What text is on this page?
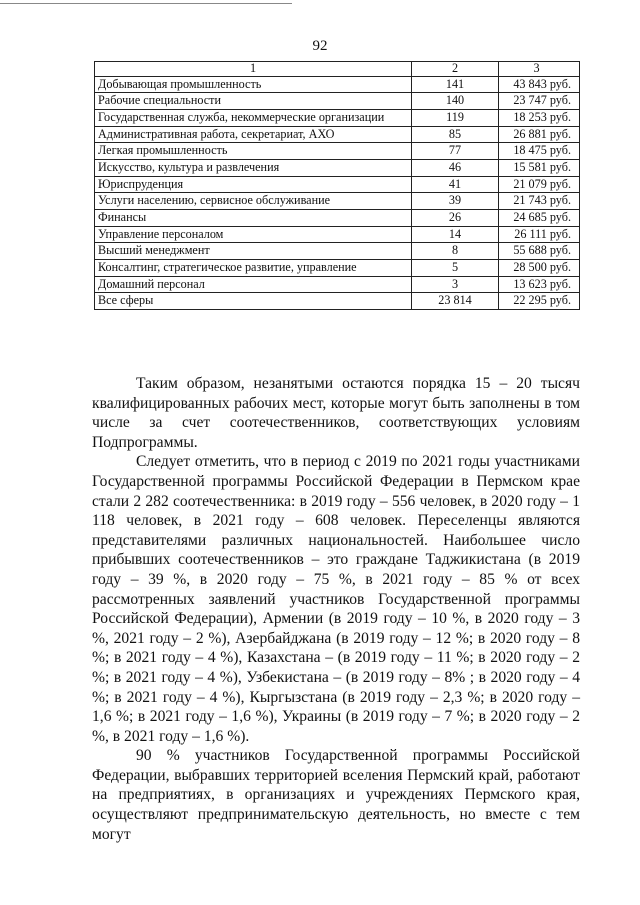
92
1	2	3
Добывающая промышленность	141	43 843 руб.
Рабочие специальности	140	23 747 руб.
Государственная служба, некоммерческие организации	119	18 253 руб.
Административная работа, секретариат, АХО	85	26 881 руб.
Легкая промышленность	77	18 475 руб.
Искусство, культура и развлечения	46	15 581 руб.
Юриспруденция	41	21 079 руб.
Услуги населению, сервисное обслуживание	39	21 743 руб.
Финансы	26	24 685 руб.
Управление персоналом	14	26 111 руб.
Высший менеджмент	8	55 688 руб.
Консалтинг, стратегическое развитие, управление	5	28 500 руб.
Домашний персонал	3	13 623 руб.
Все сферы	23 814	22 295 руб.

Таким образом, незанятыми остаются порядка 15 – 20 тысяч квалифицированных рабочих мест, которые могут быть заполнены в том числе за счет соотечественников, соответствующих условиям Подпрограммы.

Следует отметить, что в период с 2019 по 2021 годы участниками Государственной программы Российской Федерации в Пермском крае стали 2 282 соотечественника: в 2019 году – 556 человек, в 2020 году – 1 118 человек, в 2021 году – 608 человек. Переселенцы являются представителями различных национальностей. Наибольшее число прибывших соотечественников – это граждане Таджикистана (в 2019 году – 39 %, в 2020 году – 75 %, в 2021 году – 85 % от всех рассмотренных заявлений участников Государственной программы Российской Федерации), Армении (в 2019 году – 10 %, в 2020 году – 3 %, 2021 году – 2 %), Азербайджана (в 2019 году – 12 %; в 2020 году – 8 %; в 2021 году – 4 %), Казахстана – (в 2019 году – 11 %; в 2020 году – 2 %; в 2021 году – 4 %), Узбекистана – (в 2019 году – 8% ; в 2020 году – 4 %; в 2021 году – 4 %), Кыргызстана (в 2019 году – 2,3 %; в 2020 году – 1,6 %; в 2021 году – 1,6 %), Украины (в 2019 году – 7 %; в 2020 году – 2 %, в 2021 году – 1,6 %).

90 % участников Государственной программы Российской Федерации, выбравших территорией вселения Пермский край, работают на предприятиях, в организациях и учреждениях Пермского края, осуществляют предпринимательскую деятельность, но вместе с тем могут
